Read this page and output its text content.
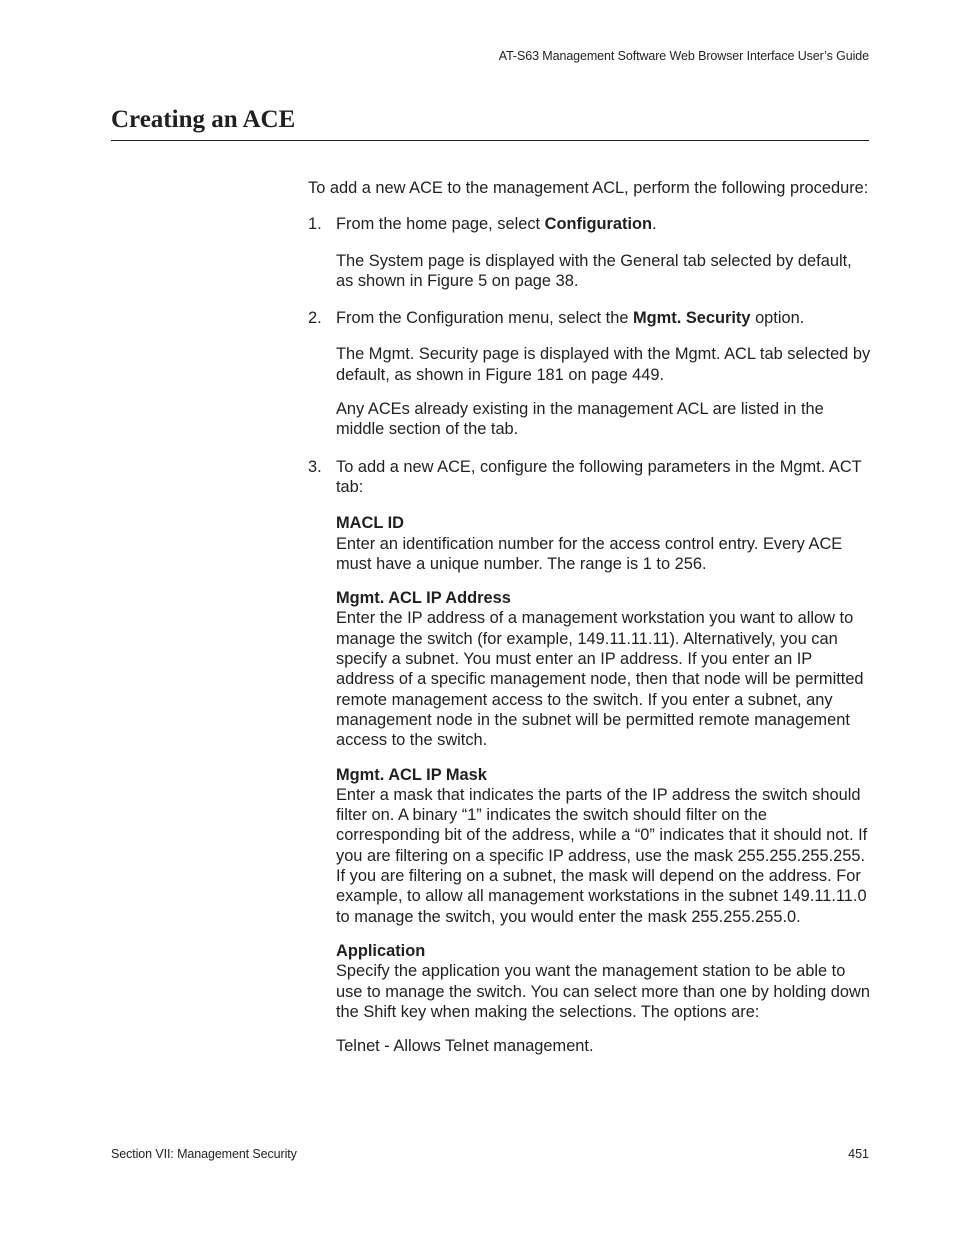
AT-S63 Management Software Web Browser Interface User’s Guide
Creating an ACE

To add a new ACE to the management ACL, perform the following procedure:

1. From the home page, select Configuration.

The System page is displayed with the General tab selected by default, as shown in Figure 5 on page 38.

2. From the Configuration menu, select the Mgmt. Security option.

The Mgmt. Security page is displayed with the Mgmt. ACL tab selected by default, as shown in Figure 181 on page 449.

Any ACEs already existing in the management ACL are listed in the middle section of the tab.

3. To add a new ACE, configure the following parameters in the Mgmt. ACT tab:

MACL ID

Enter an identification number for the access control entry. Every ACE must have a unique number. The range is 1 to 256.

Mgmt. ACL IP Address

Enter the IP address of a management workstation you want to allow to manage the switch (for example, 149.11.11.11). Alternatively, you can specify a subnet. You must enter an IP address. If you enter an IP address of a specific management node, then that node will be permitted remote management access to the switch. If you enter a subnet, any management node in the subnet will be permitted remote management access to the switch.

Mgmt. ACL IP Mask

Enter a mask that indicates the parts of the IP address the switch should filter on. A binary “1” indicates the switch should filter on the corresponding bit of the address, while a “0” indicates that it should not. If you are filtering on a specific IP address, use the mask 255.255.255.255. If you are filtering on a subnet, the mask will depend on the address. For example, to allow all management workstations in the subnet 149.11.11.0 to manage the switch, you would enter the mask 255.255.255.0.

Application

Specify the application you want the management station to be able to use to manage the switch. You can select more than one by holding down the Shift key when making the selections. The options are:

Telnet - Allows Telnet management.

Section VII: Management Security	451
